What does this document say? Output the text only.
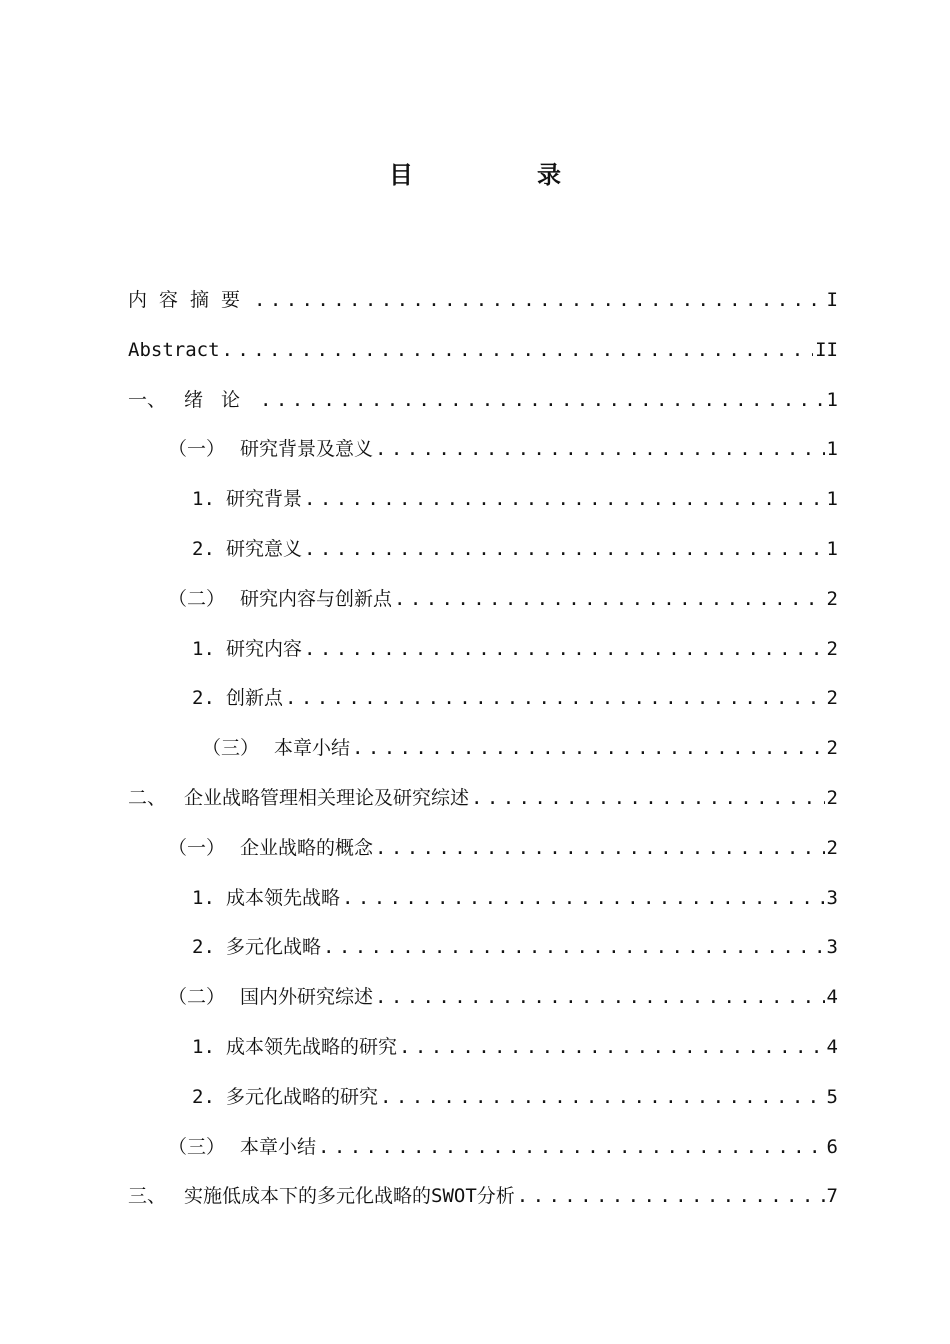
目　录
内容摘要 .....	I
Abstract .....	II
一、 绪论 .....	1
（一） 研究背景及意义 .....	1
1. 研究背景 .....	1
2. 研究意义 .....	1
（二） 研究内容与创新点 .....	2
1. 研究内容 .....	2
2. 创新点 .....	2
（三） 本章小结 .....	2
二、 企业战略管理相关理论及研究综述 .....	2
（一） 企业战略的概念 .....	2
1. 成本领先战略 .....	3
2. 多元化战略 .....	3
（二） 国内外研究综述 .....	4
1. 成本领先战略的研究 .....	4
2. 多元化战略的研究 .....	5
（三） 本章小结 .....	6
三、 实施低成本下的多元化战略的SWOT分析 .....	7
